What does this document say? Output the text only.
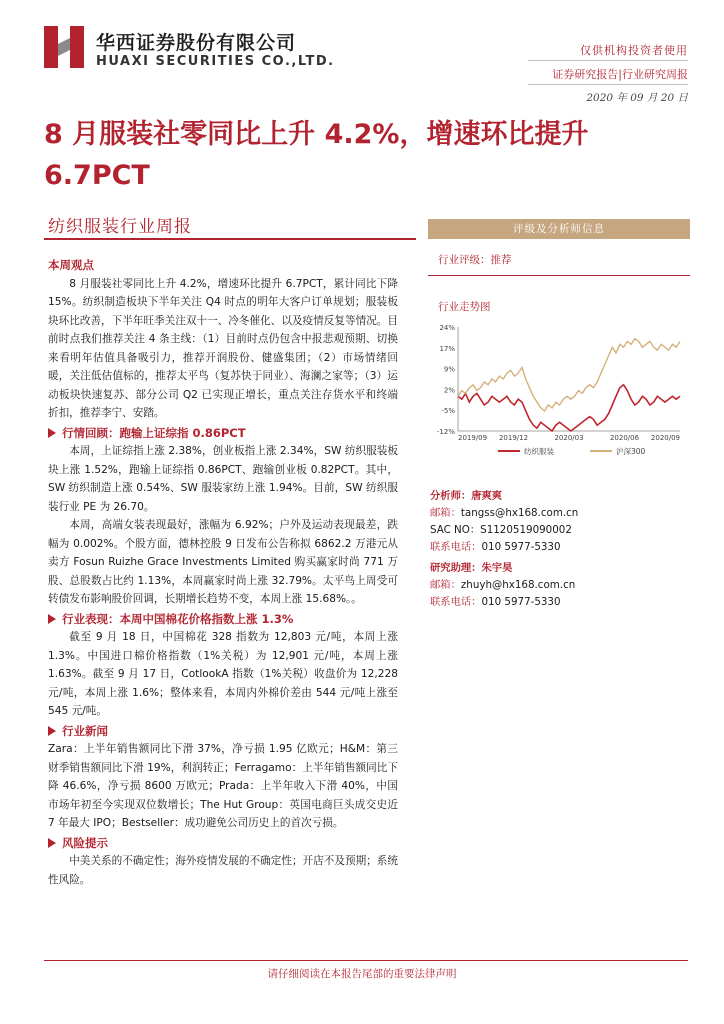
华西证券股份有限公司
HUAXI SECURITIES CO.,LTD.
仅供机构投资者使用
证券研究报告|行业研究周报
2020 年 09 月 20 日
8 月服装社零同比上升 4.2%，增速环比提升 6.7PCT
纺织服装行业周报
本周观点

8 月服装社零同比上升 4.2%，增速环比提升 6.7PCT，累计同比下降 15%。纺织制造板块下半年关注 Q4 时点的明年大客户订单规划；服装板块环比改善，下半年旺季关注双十一、冷冬催化、以及疫情反复等情况。目前时点我们推荐关注 4 条主线：（1）目前时点仍包含中报悲观预期、切换来看明年估值具备吸引力，推荐开润股份、健盛集团；（2）市场情绪回暖，关注低估值标的，推荐太平鸟（复苏快于同业）、海澜之家等；（3）运动板块快速复苏、部分公司 Q2 已实现正增长，重点关注存货水平和终端折扣，推荐李宁、安踏。

行情回顾：跑输上证综指 0.86PCT

本周，上证综指上涨 2.38%，创业板指上涨 2.34%，SW 纺织服装板块上涨 1.52%，跑输上证综指 0.86PCT、跑输创业板 0.82PCT。其中，SW 纺织制造上涨 0.54%、SW 服装家纺上涨 1.94%。目前，SW 纺织服装行业 PE 为 26.70。

本周，高端女装表现最好，涨幅为 6.92%；户外及运动表现最差，跌幅为 0.002%。个股方面，德林控股 9 日发布公告称拟 6862.2 万港元从卖方 Fosun Ruizhe Grace Investments Limited 购买赢家时尚 771 万股、总股数占比约 1.13%，本周赢家时尚上涨 32.79%。太平鸟上周受可转债发布影响股价回调，长期增长趋势不变，本周上涨 15.68%。。

行业表现：本周中国棉花价格指数上涨 1.3%

截至 9 月 18 日，中国棉花 328 指数为 12,803 元/吨，本周上涨 1.3%。中国进口棉价格指数（1%关税）为 12,901 元/吨，本周上涨 1.63%。截至 9 月 17 日，CotlookA 指数（1%关税）收盘价为 12,228 元/吨，本周上涨 1.6%；整体来看，本周内外棉价差由 544 元/吨上涨至 545 元/吨。

行业新闻

Zara：上半年销售额同比下滑 37%，净亏损 1.95 亿欧元；H&M：第三财季销售额同比下滑 19%，利润转正；Ferragamo：上半年销售额同比下降 46.6%，净亏损 8600 万欧元；Prada：上半年收入下滑 40%，中国市场年初至今实现双位数增长；The Hut Group：英国电商巨头成交史近 7 年最大 IPO；Bestseller：成功避免公司历史上的首次亏损。

风险提示

中美关系的不确定性；海外疫情发展的不确定性；开店不及预期；系统性风险。

评级及分析师信息
行业评级：推荐
行业走势图
24%
17%
9%
2%
-5%
-12%
2019/09 2019/12	2020/03	2020/06 2020/09
纺织服装	沪深300
分析师：唐爽爽
邮箱：tangss@hx168.com.cn
SAC NO：S1120519090002
联系电话：010 5977-5330
研究助理：朱宇昊
邮箱：zhuyh@hx168.com.cn
联系电话：010 5977-5330
请仔细阅读在本报告尾部的重要法律声明
